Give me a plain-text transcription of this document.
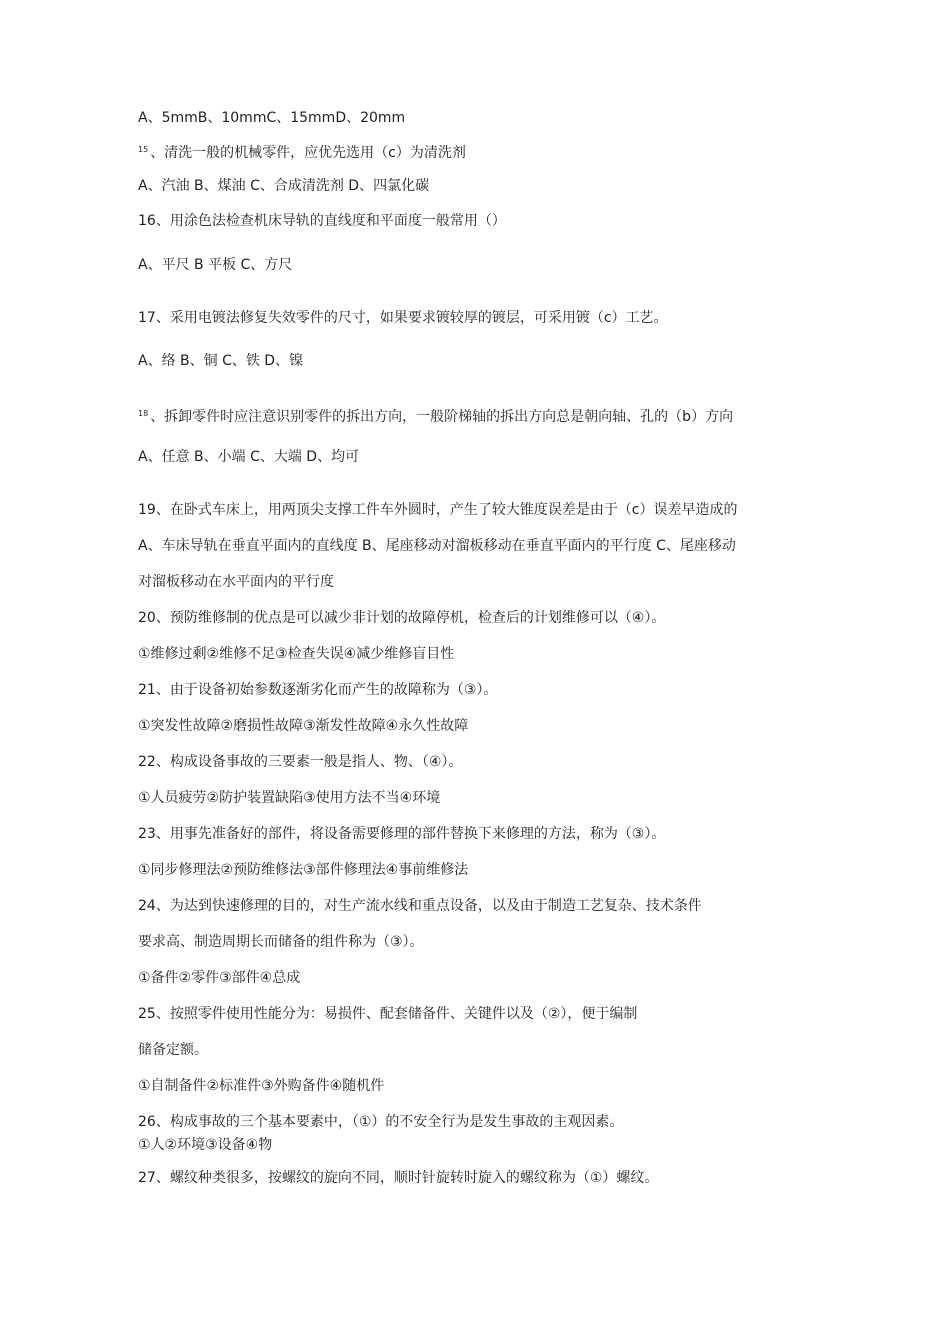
A、5mmB、10mmC、15mmD、20mm

$^{15}$ 、清洗一般的机械零件，应优先选用（c）为清洗剂

A、汽油 B、煤油 C、合成清洗剂 D、四氯化碳

16、用涂色法检查机床导轨的直线度和平面度一般常用（）

A、平尺 B 平板 C、方尺

17、采用电镀法修复失效零件的尺寸，如果要求镀较厚的镀层，可采用镀（c）工艺。

A、络 B、铜 C、铁 D、镍

$^{18}$ 、拆卸零件时应注意识别零件的拆出方向，一般阶梯轴的拆出方向总是朝向轴、孔的（b）方向

A、任意 B、小端 C、大端 D、均可

19、在卧式车床上，用两顶尖支撑工件车外圆时，产生了较大锥度误差是由于（c）误差早造成的

A、车床导轨在垂直平面内的直线度 B、尾座移动对溜板移动在垂直平面内的平行度 C、尾座移动

对溜板移动在水平面内的平行度

20、预防维修制的优点是可以减少非计划的故障停机，检查后的计划维修可以（④）。

①维修过剩②维修不足③检查失误④减少维修盲目性

21、由于设备初始参数逐渐劣化而产生的故障称为（③）。

①突发性故障②磨损性故障③渐发性故障④永久性故障

22、构成设备事故的三要素一般是指人、物、（④）。

①人员疲劳②防护装置缺陷③使用方法不当④环境

23、用事先准备好的部件，将设备需要修理的部件替换下来修理的方法，称为（③）。

①同步修理法②预防维修法③部件修理法④事前维修法

24、为达到快速修理的目的，对生产流水线和重点设备，以及由于制造工艺复杂、技术条件

要求高、制造周期长而储备的组件称为（③）。

①备件②零件③部件④总成

25、按照零件使用性能分为：易损件、配套储备件、关键件以及（②），便于编制

储备定额。

①自制备件②标准件③外购备件④随机件

26、构成事故的三个基本要素中，（①）的不安全行为是发生事故的主观因素。

①人②环境③设备④物

27、螺纹种类很多，按螺纹的旋向不同，顺时针旋转时旋入的螺纹称为（①）螺纹。
